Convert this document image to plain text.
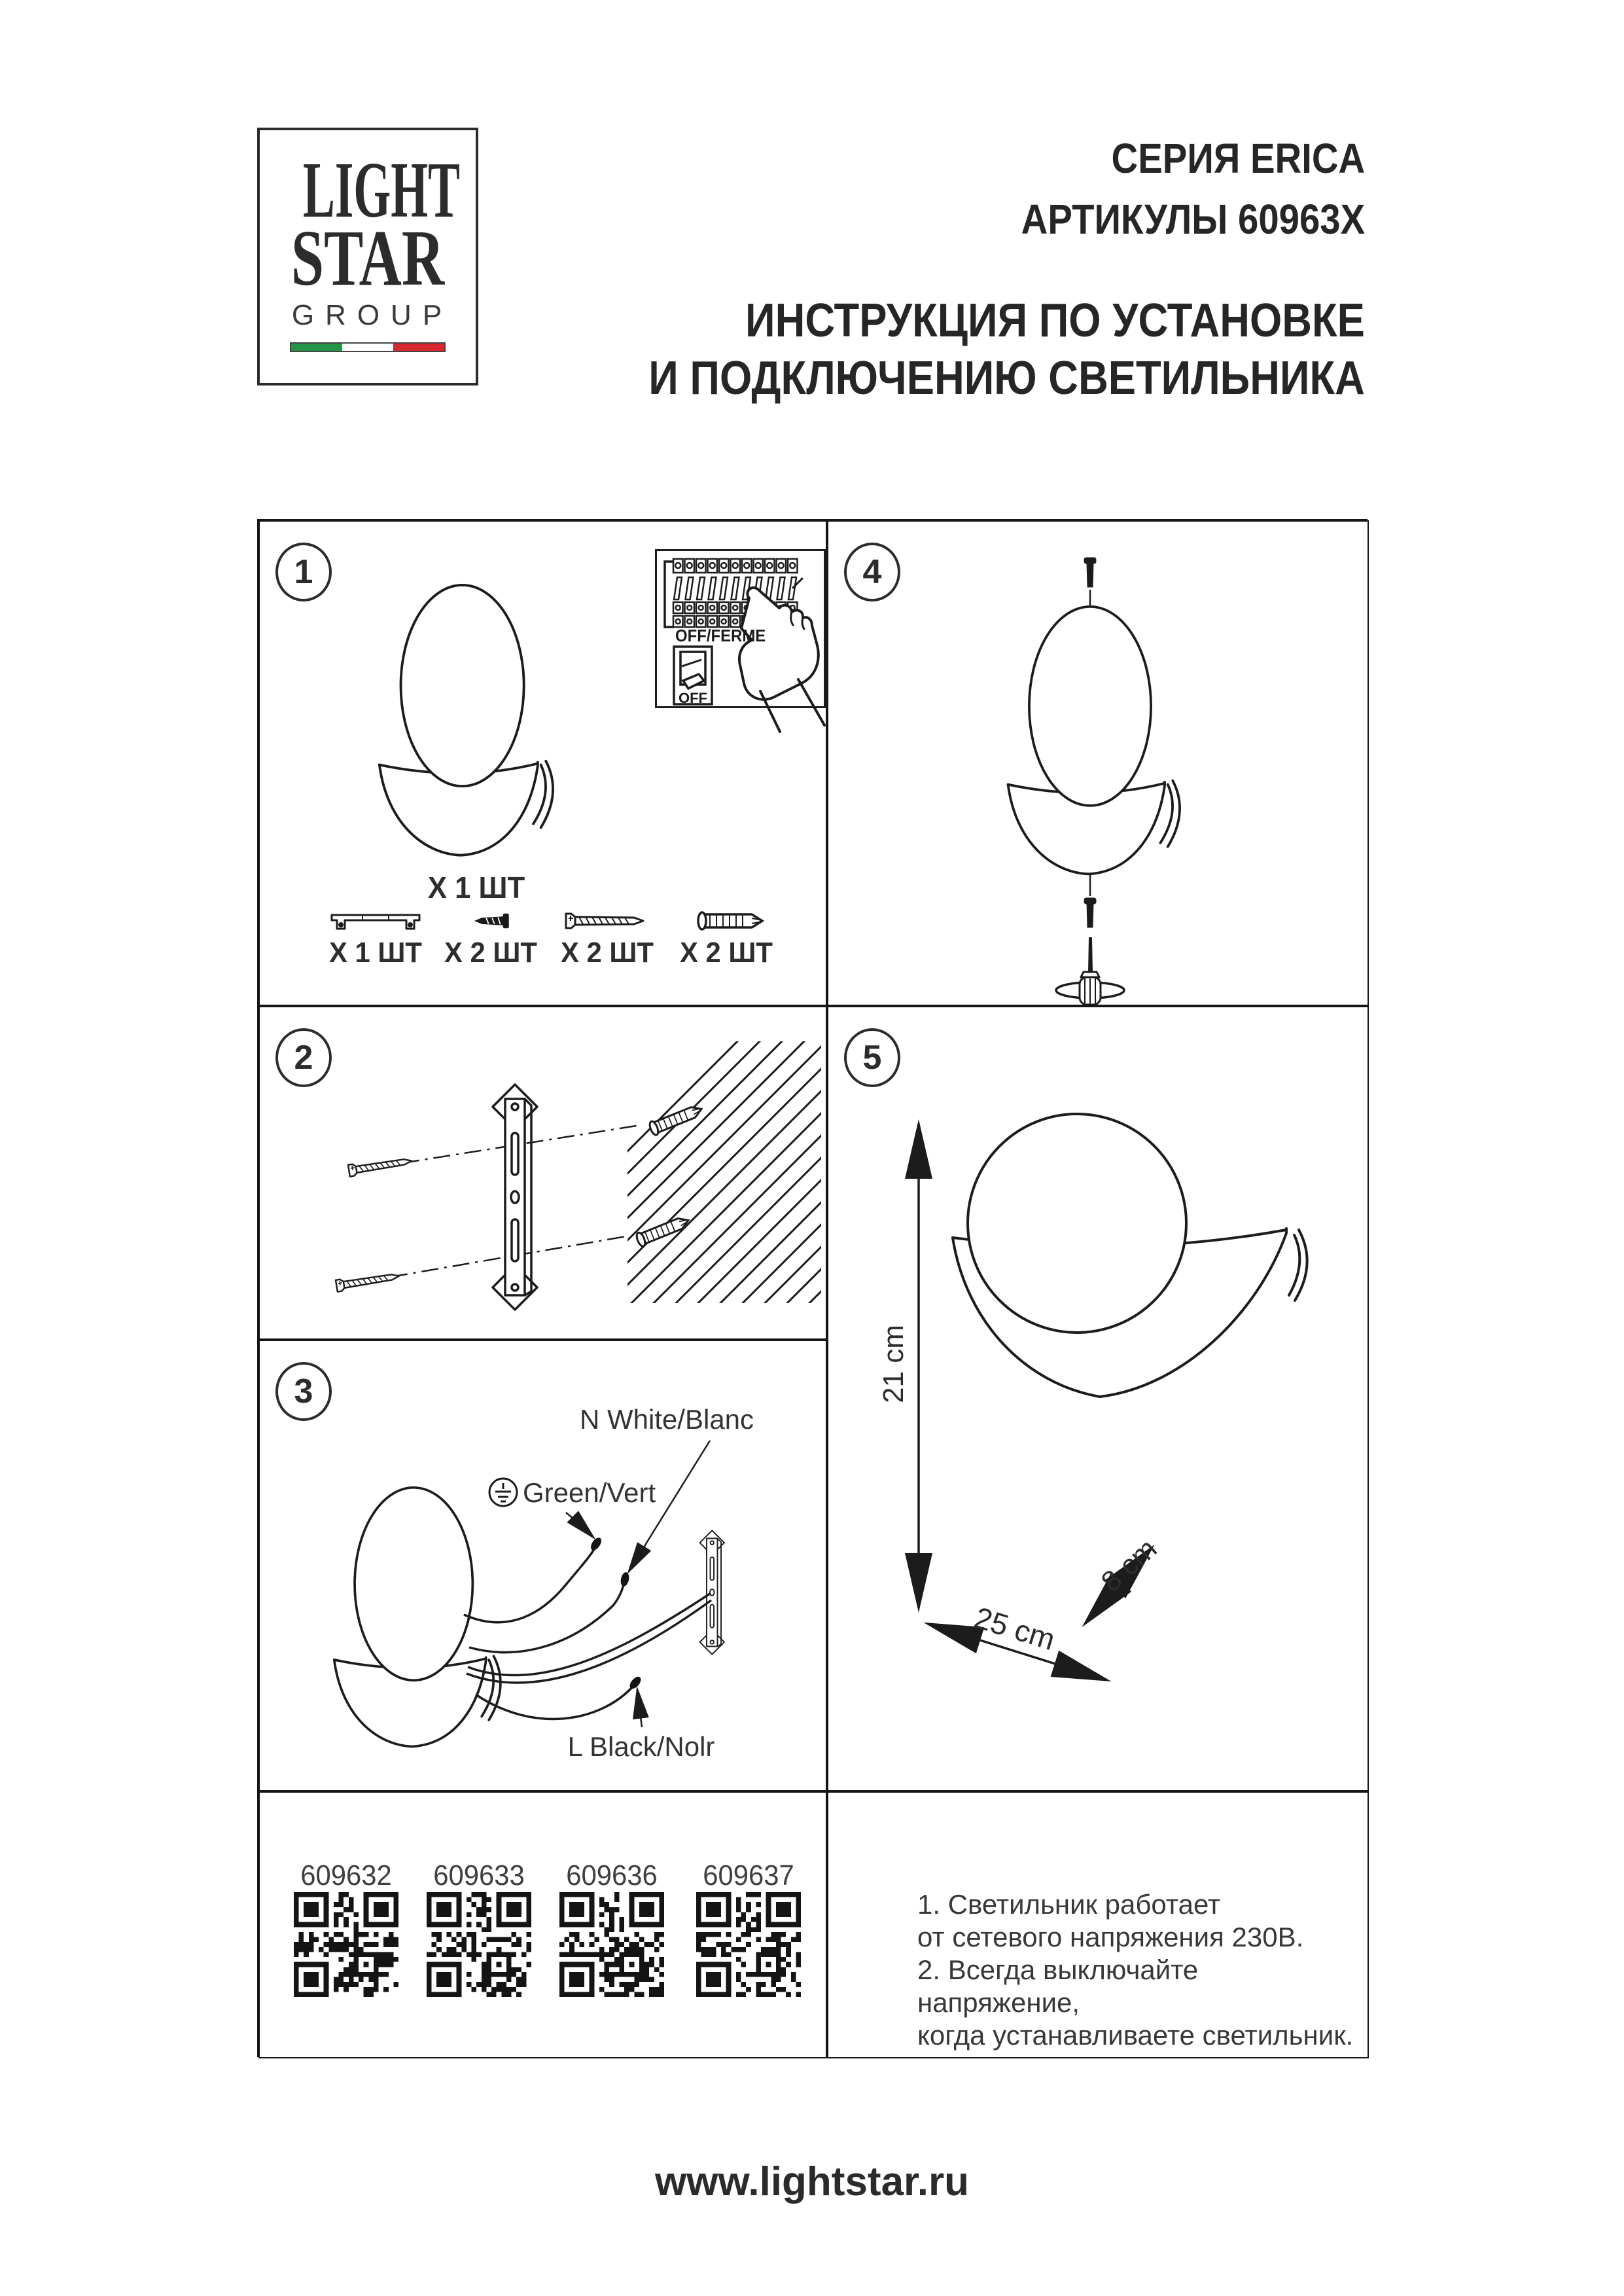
LIGHT
STAR
GROUP
СЕРИЯ ERICA
АРТИКУЛЫ 60963Х
ИНСТРУКЦИЯ ПО УСТАНОВКЕ
И ПОДКЛЮЧЕНИЮ СВЕТИЛЬНИКА
1
X 1 ШТ
X 1 ШТ X 2 ШТ X 2 ШТ X 2 ШТ
OFF/FERME
OFF
4
2	5
21 cm
25 cm
8 cm
3
N White/Blanc
Green/Vert
L Black/Nolr
609632 609633 609636 609637
1. Светильник работает
от сетевого напряжения 230В.
2. Всегда выключайте напряжение,
когда устанавливаете светильник.
www.lightstar.ru
